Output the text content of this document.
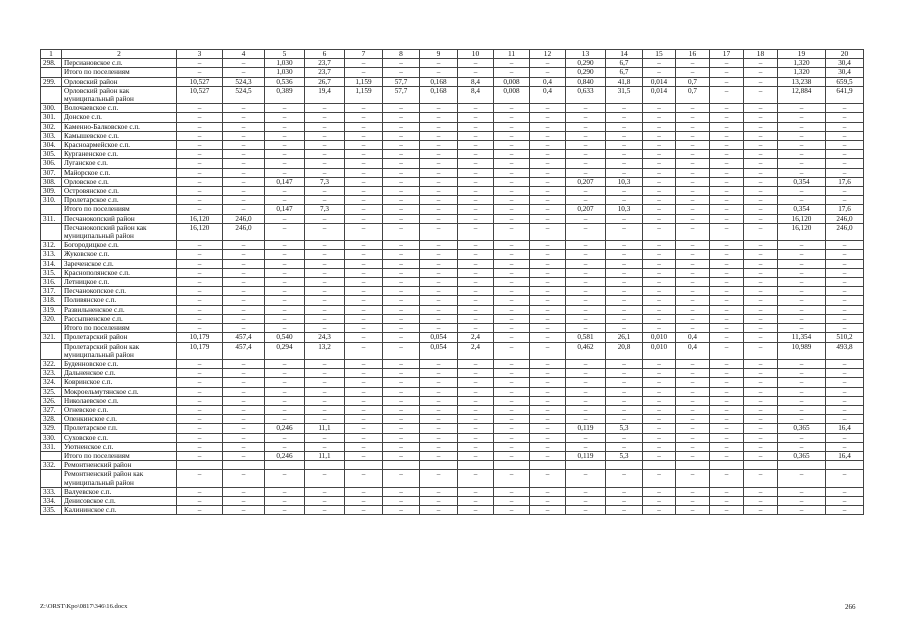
1	2	3	4	5	6	7	8	9	10	11	12	13	14	15	16	17	18	19	20
298.	Персиановское с.п.	–	–	1,030	23,7	–	–	–	–	–	–	0,290	6,7	–	–	–	–	1,320	30,4
	Итого по поселениям	–	–	1,030	23,7	–	–	–	–	–	–	0,290	6,7	–	–	–	–	1,320	30,4
299.	Орловский район	10,527	524,3	0,536	26,7	1,159	57,7	0,168	8,4	0,008	0,4	0,840	41,8	0,014	0,7	–	–	13,238	659,5
	Орловский район как муниципальный район	10,527	524,5	0,389	19,4	1,159	57,7	0,168	8,4	0,008	0,4	0,633	31,5	0,014	0,7	–	–	12,884	641,9
300.	Волочаевское с.п.	–	–	–	–	–	–	–	–	–	–	–	–	–	–	–	–	–	–
301.	Донское с.п.	–	–	–	–	–	–	–	–	–	–	–	–	–	–	–	–	–	–
302.	Каменно-Балковское с.п.	–	–	–	–	–	–	–	–	–	–	–	–	–	–	–	–	–	–
303.	Камышевское с.п.	–	–	–	–	–	–	–	–	–	–	–	–	–	–	–	–	–	–
304.	Красноармейское с.п.	–	–	–	–	–	–	–	–	–	–	–	–	–	–	–	–	–	–
305.	Курганенское с.п.	–	–	–	–	–	–	–	–	–	–	–	–	–	–	–	–	–	–
306.	Луганское с.п.	–	–	–	–	–	–	–	–	–	–	–	–	–	–	–	–	–	–
307.	Майорское с.п.	–	–	–	–	–	–	–	–	–	–	–	–	–	–	–	–	–	–
308.	Орловское с.п.	–	–	0,147	7,3	–	–	–	–	–	–	0,207	10,3	–	–	–	–	0,354	17,6
309.	Островянское с.п.	–	–	–	–	–	–	–	–	–	–	–	–	–	–	–	–	–	–
310.	Пролетарское с.п.	–	–	–	–	–	–	–	–	–	–	–	–	–	–	–	–	–	–
	Итого по поселениям	–	–	0,147	7,3	–	–	–	–	–	–	0,207	10,3	–	–	–	–	0,354	17,6
311.	Песчанокопский район	16,120	246,0	–	–	–	–	–	–	–	–	–	–	–	–	–	–	16,120	246,0
	Песчанокопский район как муниципальный район	16,120	246,0	–	–	–	–	–	–	–	–	–	–	–	–	–	–	16,120	246,0
312.	Богородицкое с.п.	–	–	–	–	–	–	–	–	–	–	–	–	–	–	–	–	–	–
313.	Жуковское с.п.	–	–	–	–	–	–	–	–	–	–	–	–	–	–	–	–	–	–
314.	Зареченское с.п.	–	–	–	–	–	–	–	–	–	–	–	–	–	–	–	–	–	–
315.	Краснополянское с.п.	–	–	–	–	–	–	–	–	–	–	–	–	–	–	–	–	–	–
316.	Летницкое с.п.	–	–	–	–	–	–	–	–	–	–	–	–	–	–	–	–	–	–
317.	Песчанокопское с.п.	–	–	–	–	–	–	–	–	–	–	–	–	–	–	–	–	–	–
318.	Поливянское с.п.	–	–	–	–	–	–	–	–	–	–	–	–	–	–	–	–	–	–
319.	Развильненское с.п.	–	–	–	–	–	–	–	–	–	–	–	–	–	–	–	–	–	–
320.	Рассыпненское с.п.	–	–	–	–	–	–	–	–	–	–	–	–	–	–	–	–	–	–
	Итого по поселениям	–	–	–	–	–	–	–	–	–	–	–	–	–	–	–	–	–	–
321.	Пролетарский район	10,179	457,4	0,540	24,3	–	–	0,054	2,4	–	–	0,581	26,1	0,010	0,4	–	–	11,354	510,2
	Пролетарский район как муниципальный район	10,179	457,4	0,294	13,2	–	–	0,054	2,4	–	–	0,462	20,8	0,010	0,4	–	–	10,989	493,8
322.	Буденновское с.п.	–	–	–	–	–	–	–	–	–	–	–	–	–	–	–	–	–	–
323.	Дальненское с.п.	–	–	–	–	–	–	–	–	–	–	–	–	–	–	–	–	–	–
324.	Ковринское с.п.	–	–	–	–	–	–	–	–	–	–	–	–	–	–	–	–	–	–
325.	Мокроельмутянское с.п.	–	–	–	–	–	–	–	–	–	–	–	–	–	–	–	–	–	–
326.	Николаевское с.п.	–	–	–	–	–	–	–	–	–	–	–	–	–	–	–	–	–	–
327.	Огневское с.п.	–	–	–	–	–	–	–	–	–	–	–	–	–	–	–	–	–	–
328.	Опенкинское с.п.	–	–	–	–	–	–	–	–	–	–	–	–	–	–	–	–	–	–
329.	Пролетарское г.п.	–	–	0,246	11,1	–	–	–	–	–	–	0,119	5,3	–	–	–	–	0,365	16,4
330.	Суховское с.п.	–	–	–	–	–	–	–	–	–	–	–	–	–	–	–	–	–	–
331.	Уютненское с.п.	–	–	–	–	–	–	–	–	–	–	–	–	–	–	–	–	–	–
	Итого по поселениям	–	–	0,246	11,1	–	–	–	–	–	–	0,119	5,3	–	–	–	–	0,365	16,4
332.	Ремонтненский район																		
	Ремонтненский район как муниципальный район	–	–	–	–	–	–	–	–	–	–	–	–	–	–	–	–	–	–
333.	Валуевское с.п.	–	–	–	–	–	–	–	–	–	–	–	–	–	–	–	–	–	–
334.	Денисовское с.п.	–	–	–	–	–	–	–	–	–	–	–	–	–	–	–	–	–	–
335.	Калининское с.п.	–	–	–	–	–	–	–	–	–	–	–	–	–	–	–	–	–	–
Z:\ORST\Kpo\0817\346\16.docx	266
